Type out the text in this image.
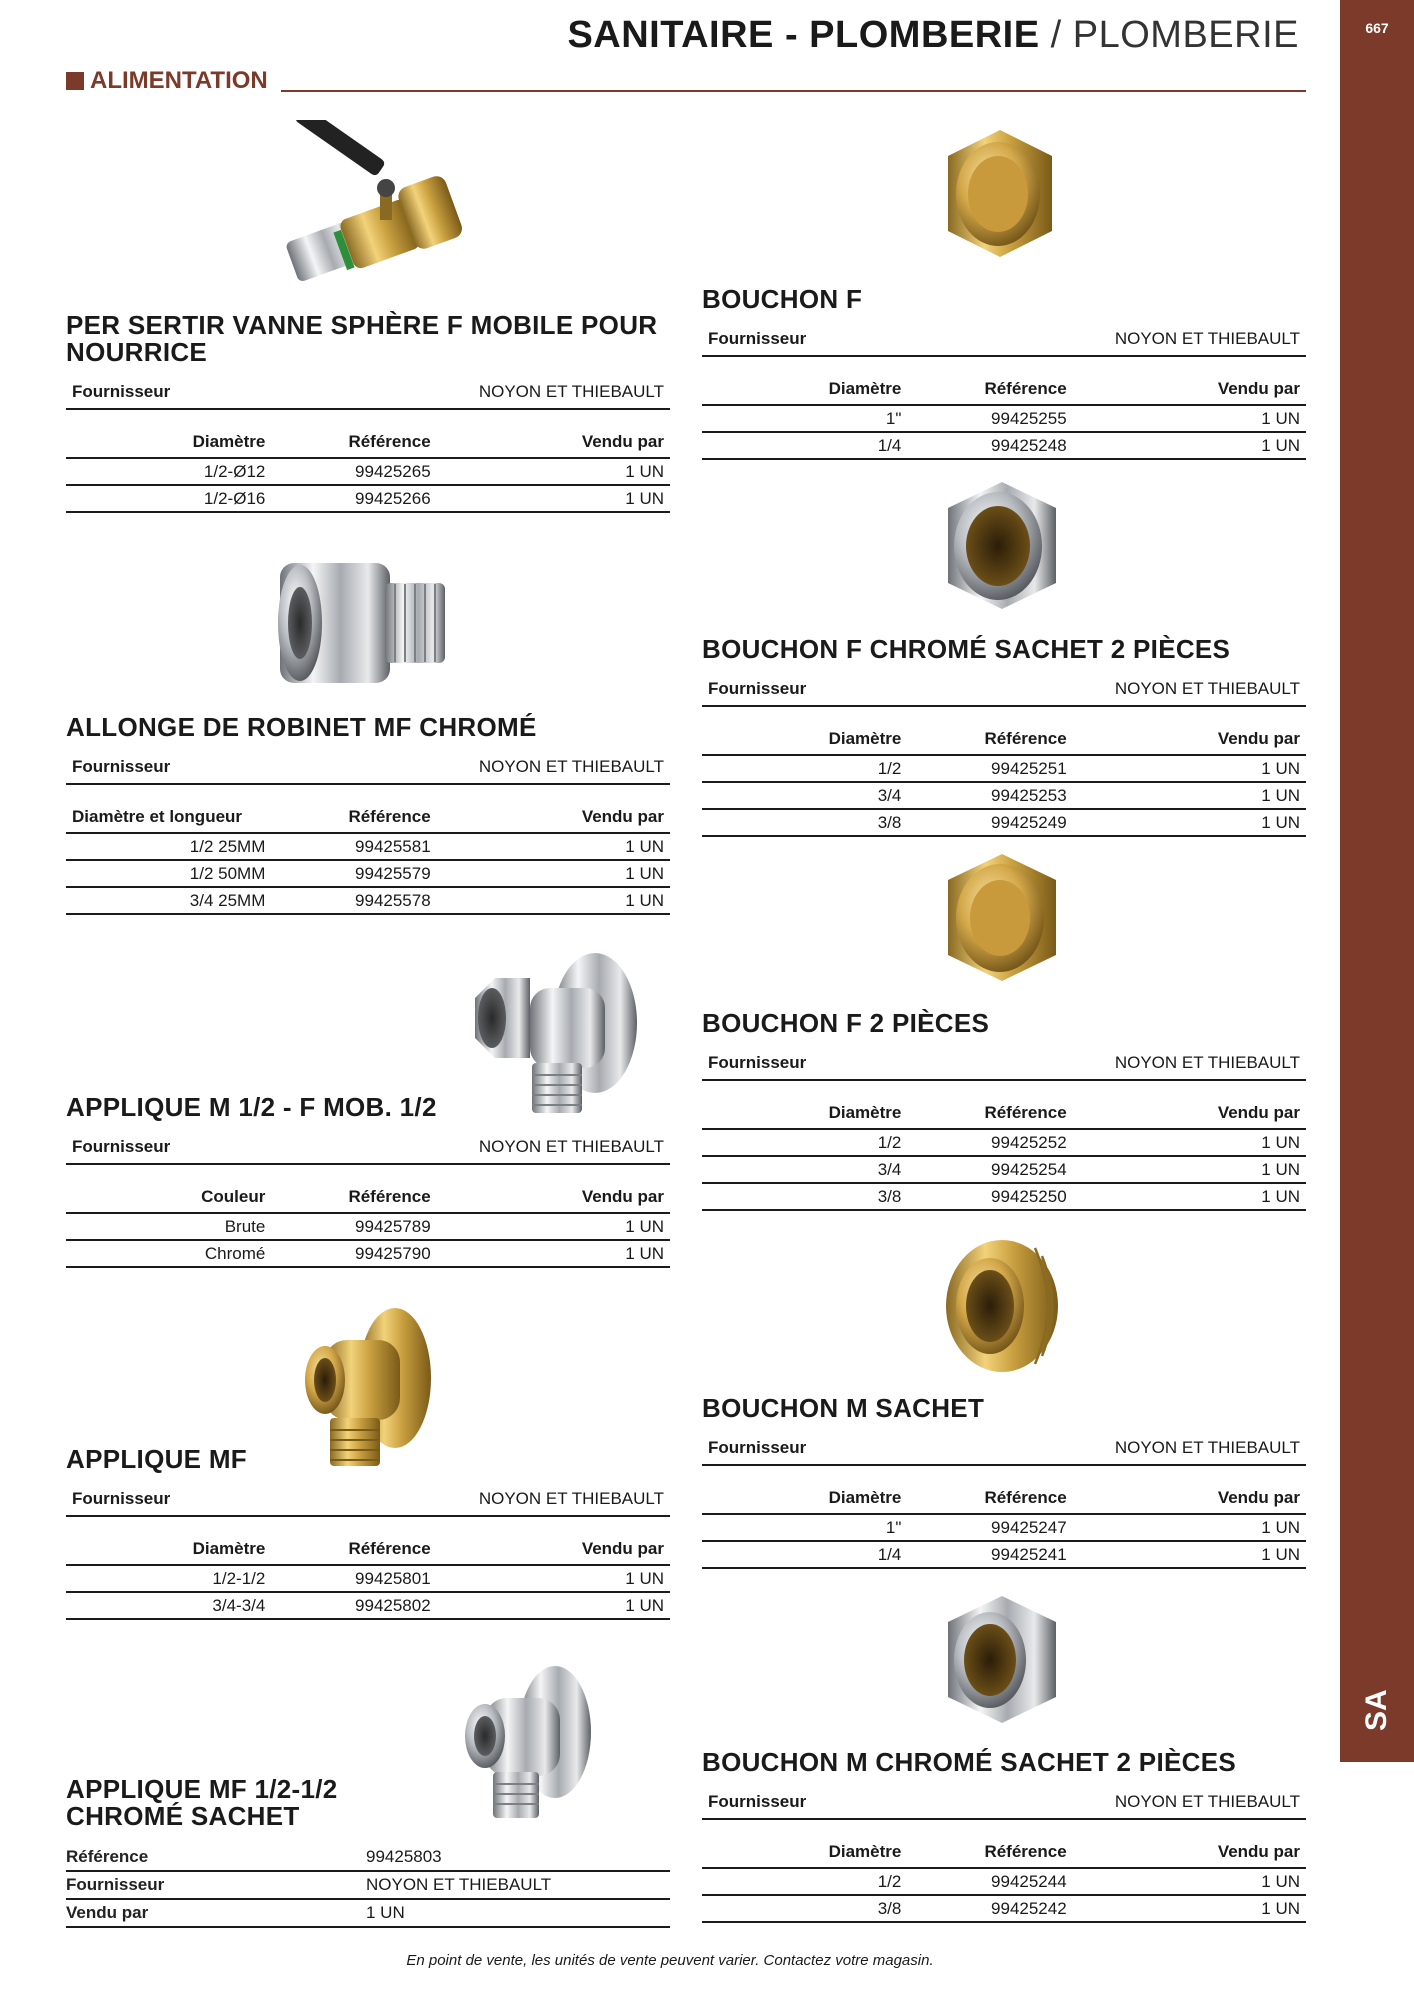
SANITAIRE - PLOMBERIE / PLOMBERIE	667
SA
ALIMENTATION
PER SERTIR VANNE SPHÈRE F MOBILE POUR NOURRICE
Fournisseur	NOYON ET THIEBAULT
Diamètre	Référence	Vendu par
1/2-Ø12	99425265	1 UN
1/2-Ø16	99425266	1 UN
ALLONGE DE ROBINET MF CHROMÉ
Fournisseur	NOYON ET THIEBAULT
Diamètre et longueur	Référence	Vendu par
1/2 25MM	99425581	1 UN
1/2 50MM	99425579	1 UN
3/4 25MM	99425578	1 UN
APPLIQUE M 1/2 - F MOB. 1/2
Fournisseur	NOYON ET THIEBAULT
Couleur	Référence	Vendu par
Brute	99425789	1 UN
Chromé	99425790	1 UN
APPLIQUE MF
Fournisseur	NOYON ET THIEBAULT
Diamètre	Référence	Vendu par
1/2-1/2	99425801	1 UN
3/4-3/4	99425802	1 UN
APPLIQUE MF 1/2-1/2 CHROMÉ SACHET
Référence	99425803
Fournisseur	NOYON ET THIEBAULT
Vendu par	1 UN
BOUCHON F
Fournisseur	NOYON ET THIEBAULT
Diamètre	Référence	Vendu par
1"	99425255	1 UN
1/4	99425248	1 UN
BOUCHON F CHROMÉ SACHET 2 PIÈCES
Fournisseur	NOYON ET THIEBAULT
Diamètre	Référence	Vendu par
1/2	99425251	1 UN
3/4	99425253	1 UN
3/8	99425249	1 UN
BOUCHON F 2 PIÈCES
Fournisseur	NOYON ET THIEBAULT
Diamètre	Référence	Vendu par
1/2	99425252	1 UN
3/4	99425254	1 UN
3/8	99425250	1 UN
BOUCHON M SACHET
Fournisseur	NOYON ET THIEBAULT
Diamètre	Référence	Vendu par
1"	99425247	1 UN
1/4	99425241	1 UN
BOUCHON M CHROMÉ SACHET 2 PIÈCES
Fournisseur	NOYON ET THIEBAULT
Diamètre	Référence	Vendu par
1/2	99425244	1 UN
3/8	99425242	1 UN
En point de vente, les unités de vente peuvent varier. Contactez votre magasin.
